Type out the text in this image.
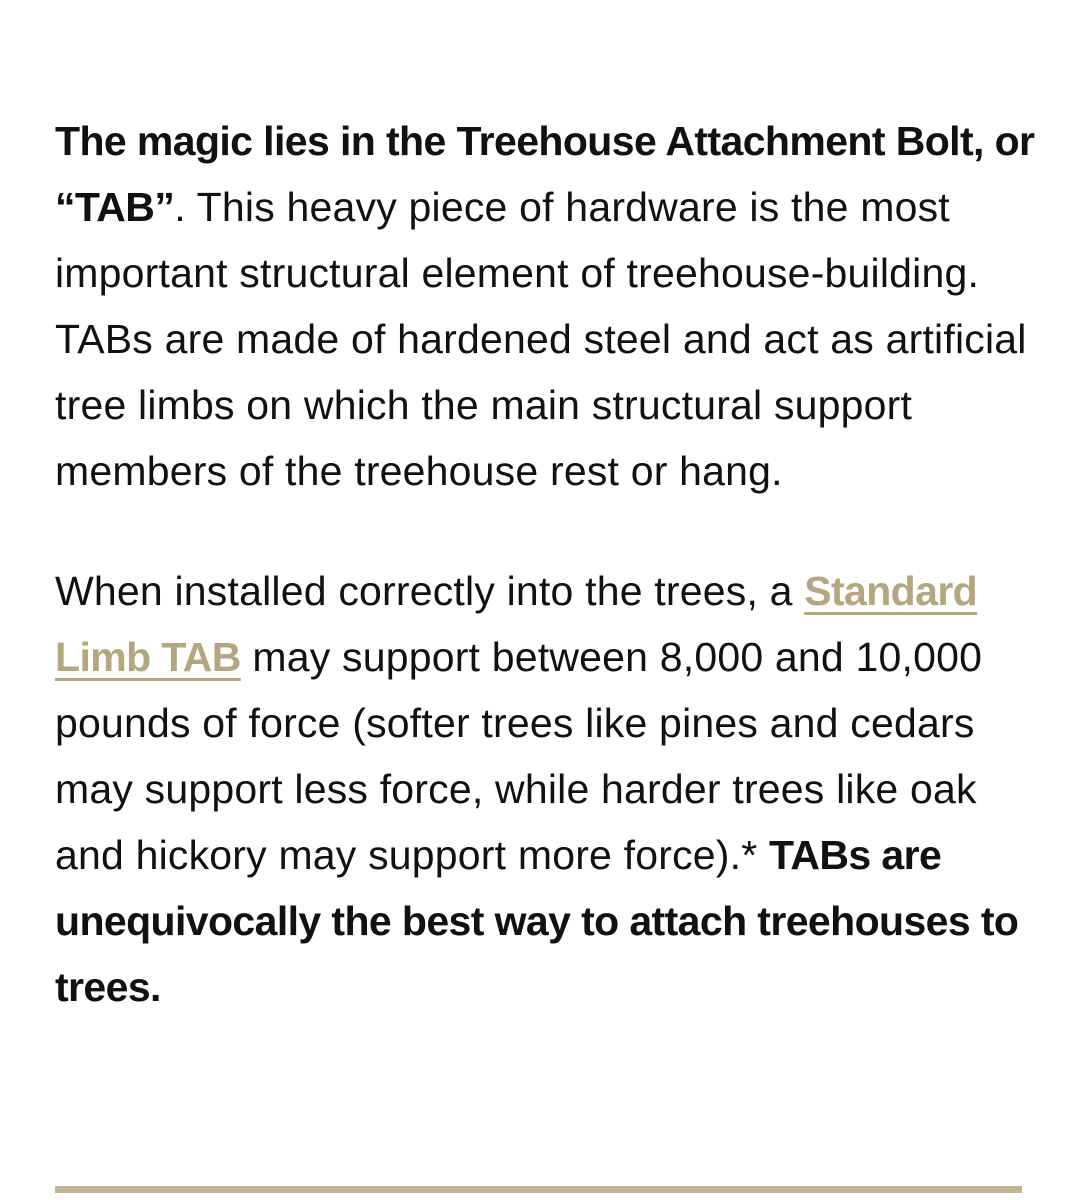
The magic lies in the Treehouse Attachment Bolt, or “TAB”. This heavy piece of hardware is the most important structural element of treehouse-building. TABs are made of hardened steel and act as artificial tree limbs on which the main structural support members of the treehouse rest or hang.

When installed correctly into the trees, a Standard Limb TAB may support between 8,000 and 10,000 pounds of force (softer trees like pines and cedars may support less force, while harder trees like oak and hickory may support more force).* TABs are unequivocally the best way to attach treehouses to trees.
